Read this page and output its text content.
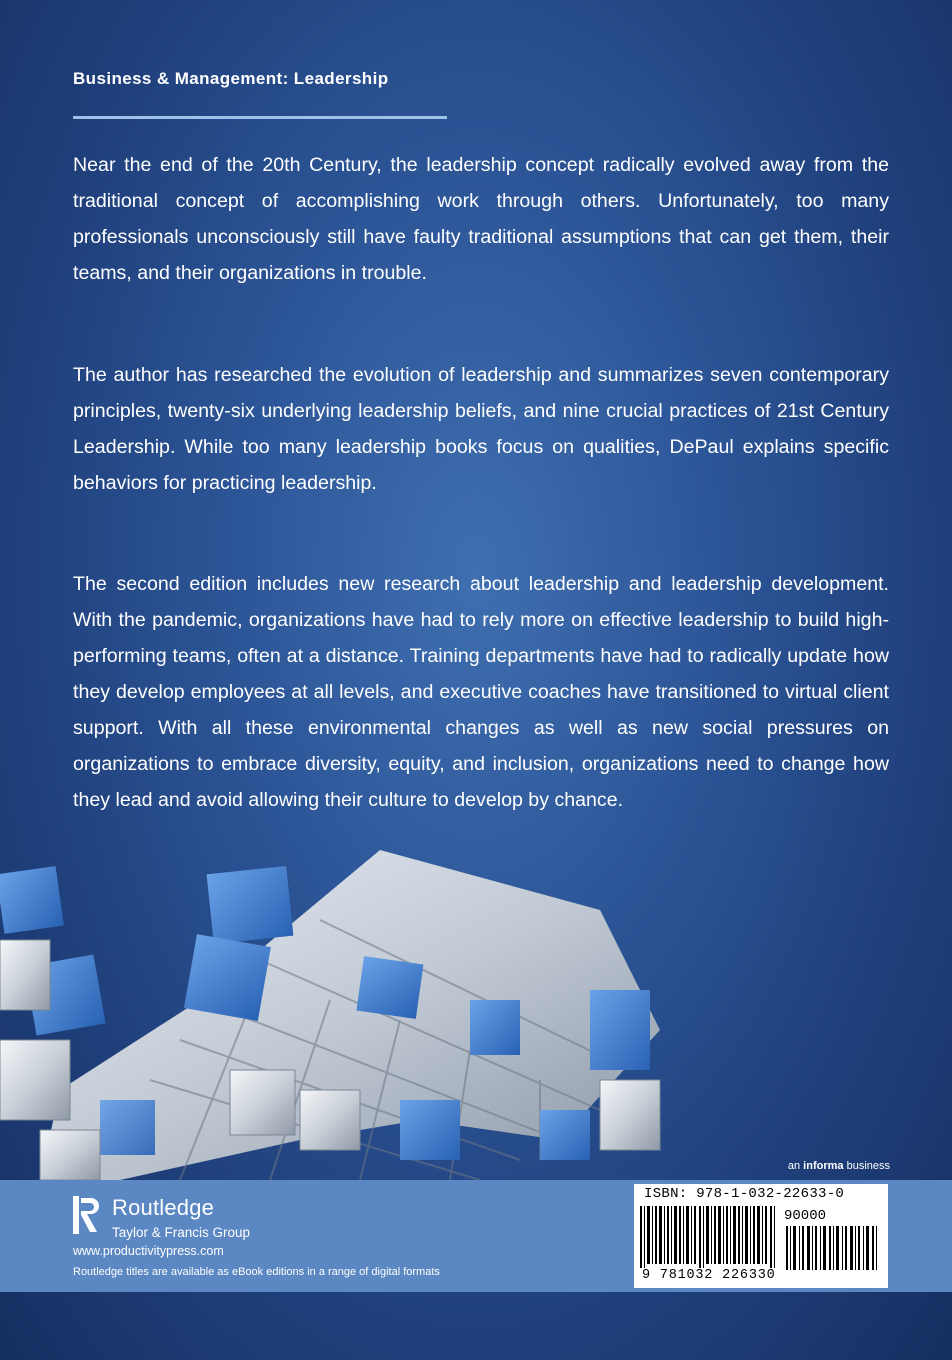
Business & Management: Leadership
Near the end of the 20th Century, the leadership concept radically evolved away from the traditional concept of accomplishing work through others. Unfortunately, too many professionals unconsciously still have faulty traditional assumptions that can get them, their teams, and their organizations in trouble.
The author has researched the evolution of leadership and summarizes seven contemporary principles, twenty-six underlying leadership beliefs, and nine crucial practices of 21st Century Leadership. While too many leadership books focus on qualities, DePaul explains specific behaviors for practicing leadership.
The second edition includes new research about leadership and leadership development. With the pandemic, organizations have had to rely more on effective leadership to build high-performing teams, often at a distance. Training departments have had to radically update how they develop employees at all levels, and executive coaches have transitioned to virtual client support. With all these environmental changes as well as new social pressures on organizations to embrace diversity, equity, and inclusion, organizations need to change how they lead and avoid allowing their culture to develop by chance.
an informa business
Routledge
Taylor & Francis Group
www.productivitypress.com
Routledge titles are available as eBook editions in a range of digital formats
ISBN: 978-1-032-22633-0
90000
9 781032 226330
